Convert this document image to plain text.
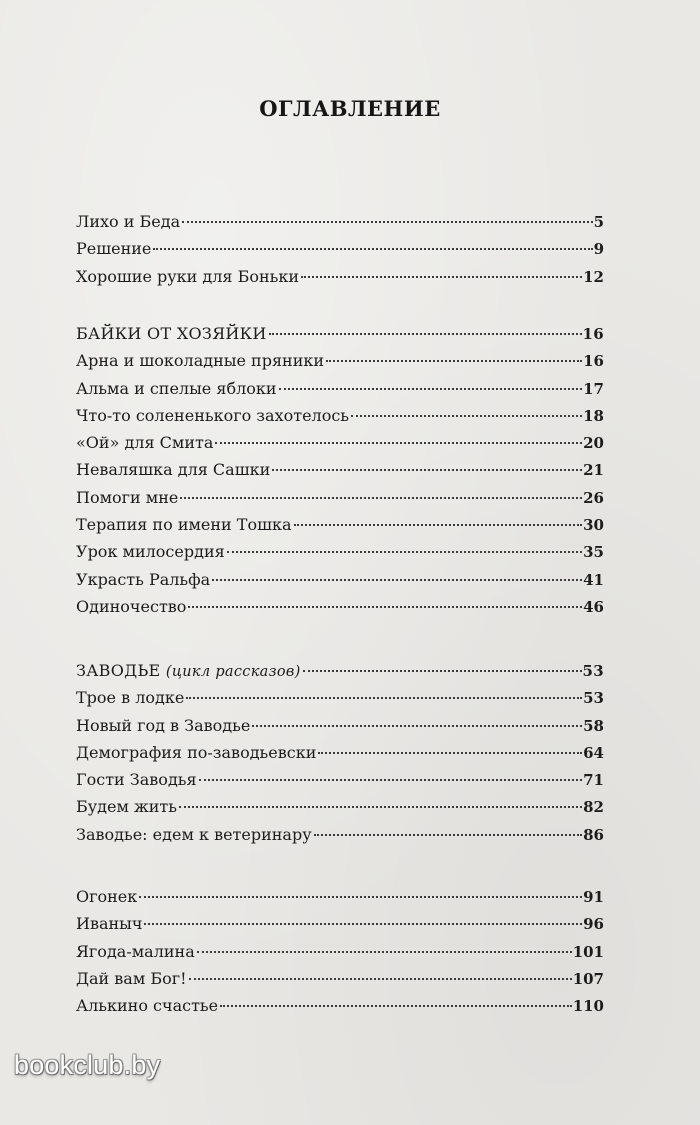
ОГЛАВЛЕНИЕ
Лихо и Беда	5
Решение	9
Хорошие руки для Боньки	12
БАЙКИ ОТ ХОЗЯЙКИ	16
Арна и шоколадные пряники	16
Альма и спелые яблоки	17
Что-то солененького захотелось	18
«Ой» для Смита	20
Неваляшка для Сашки	21
Помоги мне	26
Терапия по имени Тошка	30
Урок милосердия	35
Украсть Ральфа	41
Одиночество	46
ЗАВОДЬЕ (цикл рассказов)	53
Трое в лодке	53
Новый год в Заводье	58
Демография по-заводьевски	64
Гости Заводья	71
Будем жить	82
Заводье: едем к ветеринару	86
Огонек	91
Иваныч	96
Ягода-малина	101
Дай вам Бог!	107
Алькино счастье	110
bookclub.by
